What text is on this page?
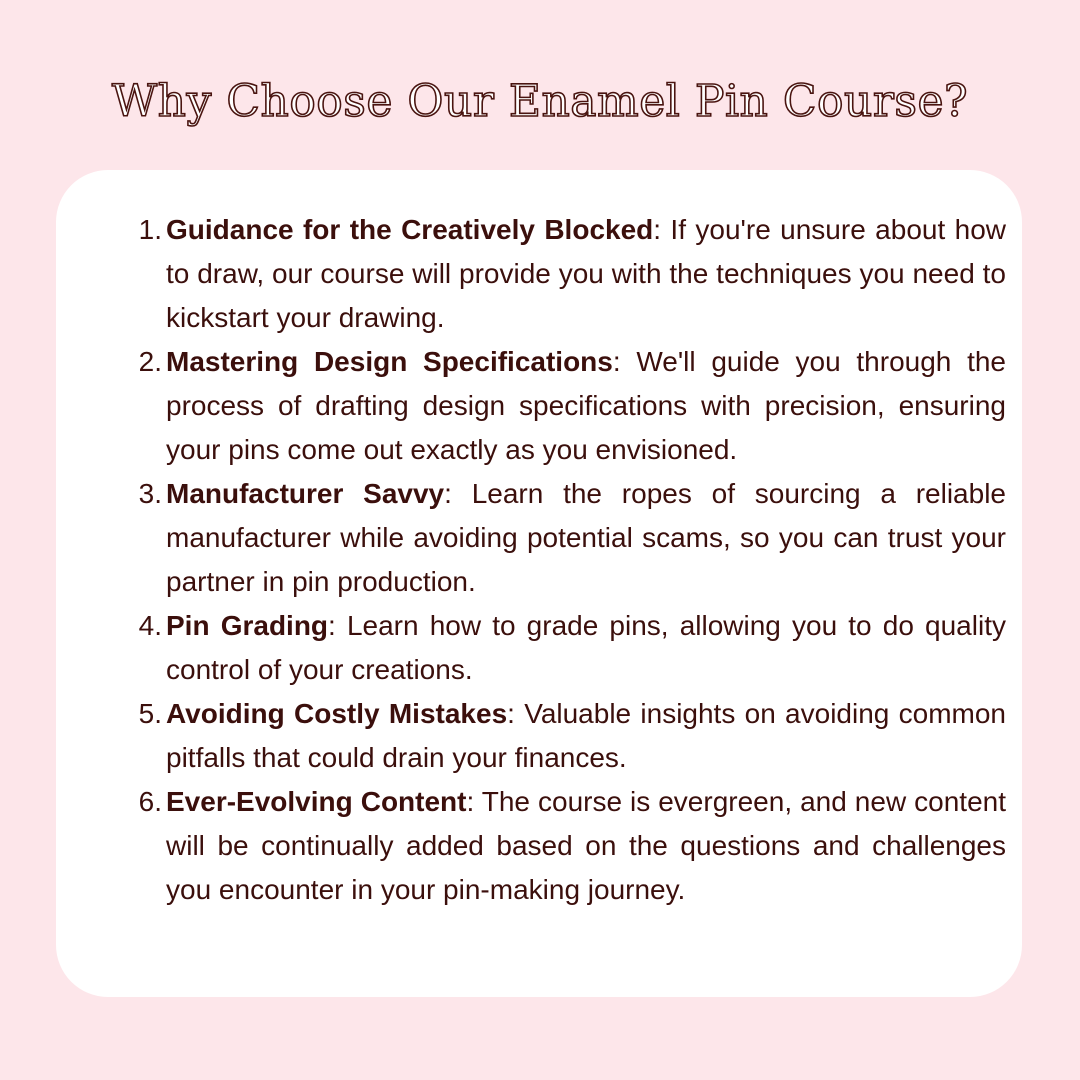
Why Choose Our Enamel Pin Course?
1. Guidance for the Creatively Blocked: If you're unsure about how to draw, our course will provide you with the techniques you need to kickstart your drawing.
2. Mastering Design Specifications: We'll guide you through the process of drafting design specifications with precision, ensuring your pins come out exactly as you envisioned.
3. Manufacturer Savvy: Learn the ropes of sourcing a reliable manufacturer while avoiding potential scams, so you can trust your partner in pin production.
4. Pin Grading: Learn how to grade pins, allowing you to do quality control of your creations.
5. Avoiding Costly Mistakes: Valuable insights on avoiding common pitfalls that could drain your finances.
6. Ever-Evolving Content: The course is evergreen, and new content will be continually added based on the questions and challenges you encounter in your pin-making journey.
